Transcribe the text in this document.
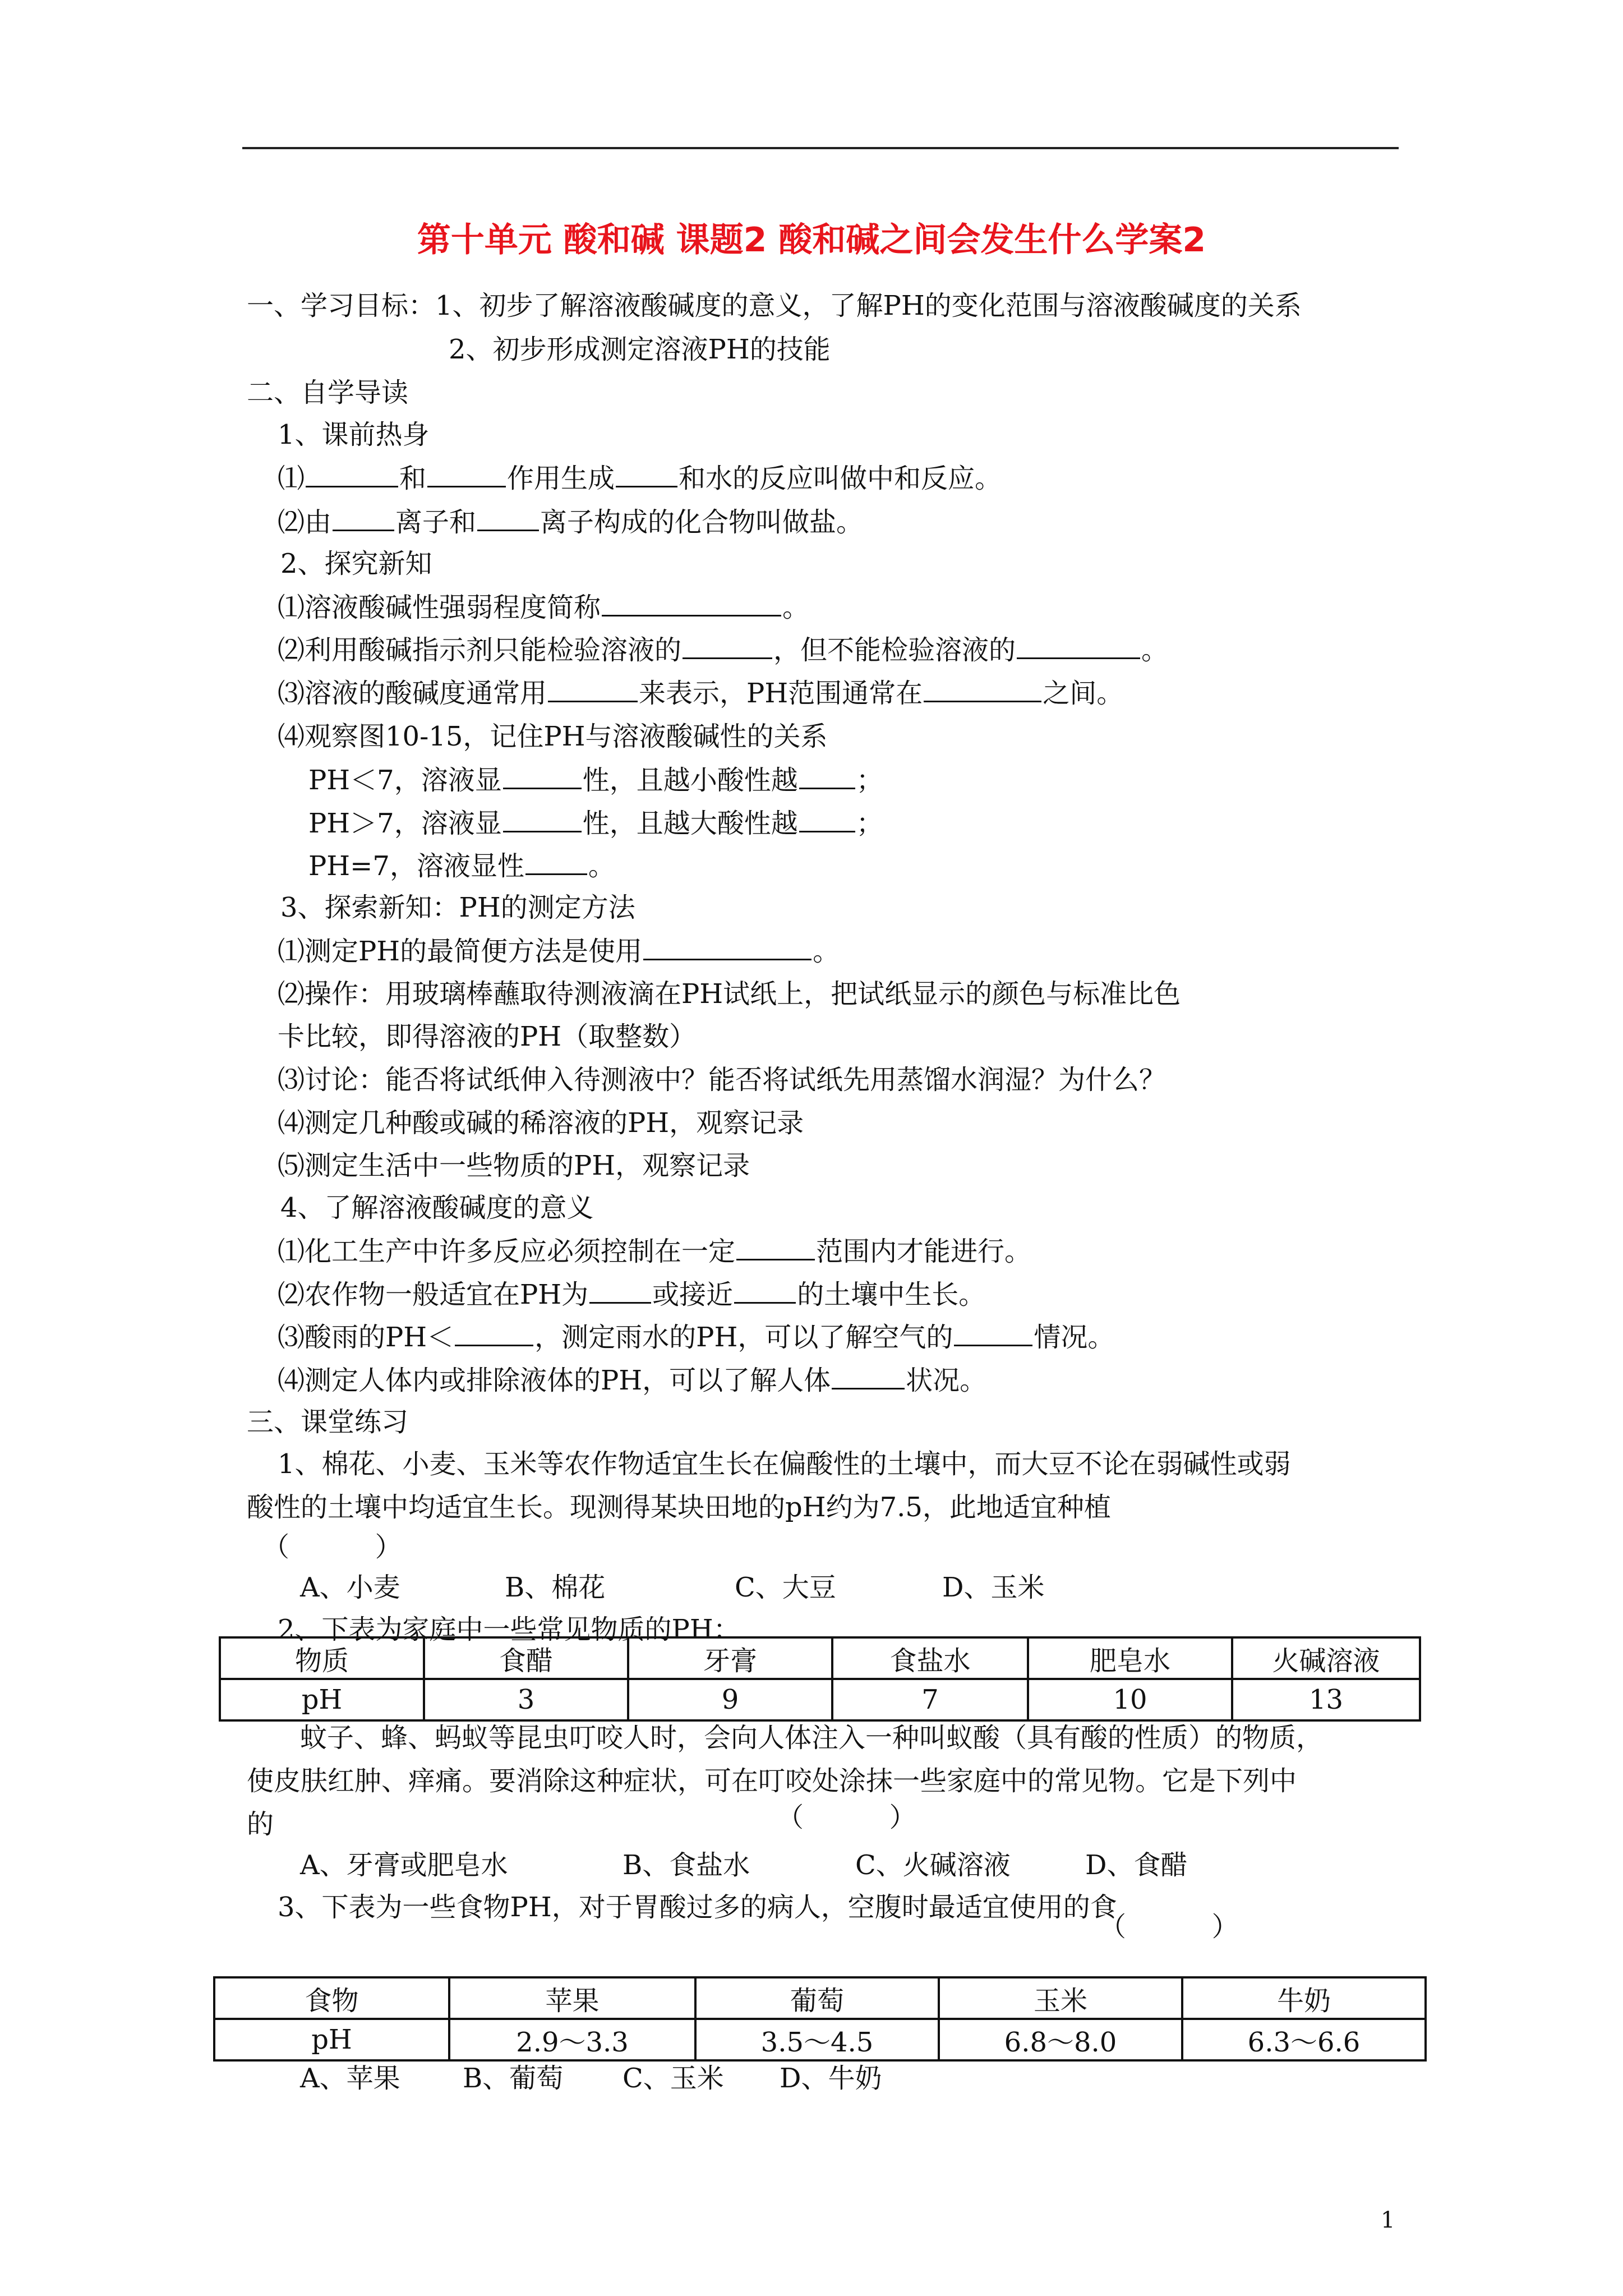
第十单元 酸和碱 课题2 酸和碱之间会发生什么学案2
一、学习目标：1、初步了解溶液酸碱度的意义，了解PH的变化范围与溶液酸碱度的关系
2、初步形成测定溶液PH的技能
二、自学导读
1、课前热身
⑴	和	作用生成 和水的反应叫做中和反应。
⑵由 离子和 离子构成的化合物叫做盐。
2、探究新知
⑴溶液酸碱性强弱程度简称	。
⑵利用酸碱指示剂只能检验溶液的	，但不能检验溶液的	。
⑶溶液的酸碱度通常用	来表示，PH范围通常在	之间。
⑷观察图10-15，记住PH与溶液酸碱性的关系
PH＜7，溶液显	性，且越小酸性越 ；
PH＞7，溶液显	性，且越大酸性越 ；
PH=7，溶液显性 。
3、探索新知：PH的测定方法
⑴测定PH的最简便方法是使用	。
⑵操作：用玻璃棒蘸取待测液滴在PH试纸上，把试纸显示的颜色与标准比色
卡比较，即得溶液的PH（取整数）
⑶讨论：能否将试纸伸入待测液中？能否将试纸先用蒸馏水润湿？为什么？
⑷测定几种酸或碱的稀溶液的PH，观察记录
⑸测定生活中一些物质的PH，观察记录
4、了解溶液酸碱度的意义
⑴化工生产中许多反应必须控制在一定	范围内才能进行。
⑵农作物一般适宜在PH为 或接近 的土壤中生长。
⑶酸雨的PH＜	，测定雨水的PH，可以了解空气的	情况。
⑷测定人体内或排除液体的PH，可以了解人体	状况。
三、课堂练习
1、棉花、小麦、玉米等农作物适宜生长在偏酸性的土壤中，而大豆不论在弱碱性或弱
酸性的土壤中均适宜生长。现测得某块田地的pH约为7.5，此地适宜种植
（          ）
A、小麦	B、棉花	C、大豆	D、玉米
2、下表为家庭中一些常见物质的PH：
物质	食醋	牙膏	食盐水	肥皂水	火碱溶液
pH	3	9	7	10	13
蚊子、蜂、蚂蚁等昆虫叮咬人时，会向人体注入一种叫蚁酸（具有酸的性质）的物质，
使皮肤红肿、痒痛。要消除这种症状，可在叮咬处涂抹一些家庭中的常见物。它是下列中
的	（          ）
A、牙膏或肥皂水	B、食盐水	C、火碱溶液	D、食醋
3、下表为一些食物PH，对于胃酸过多的病人，空腹时最适宜使用的食
（          ）
食物	苹果	葡萄	玉米	牛奶
pH	2.9～3.3	3.5～4.5	6.8～8.0	6.3～6.6
A、苹果 B、葡萄 C、玉米 D、牛奶
1
